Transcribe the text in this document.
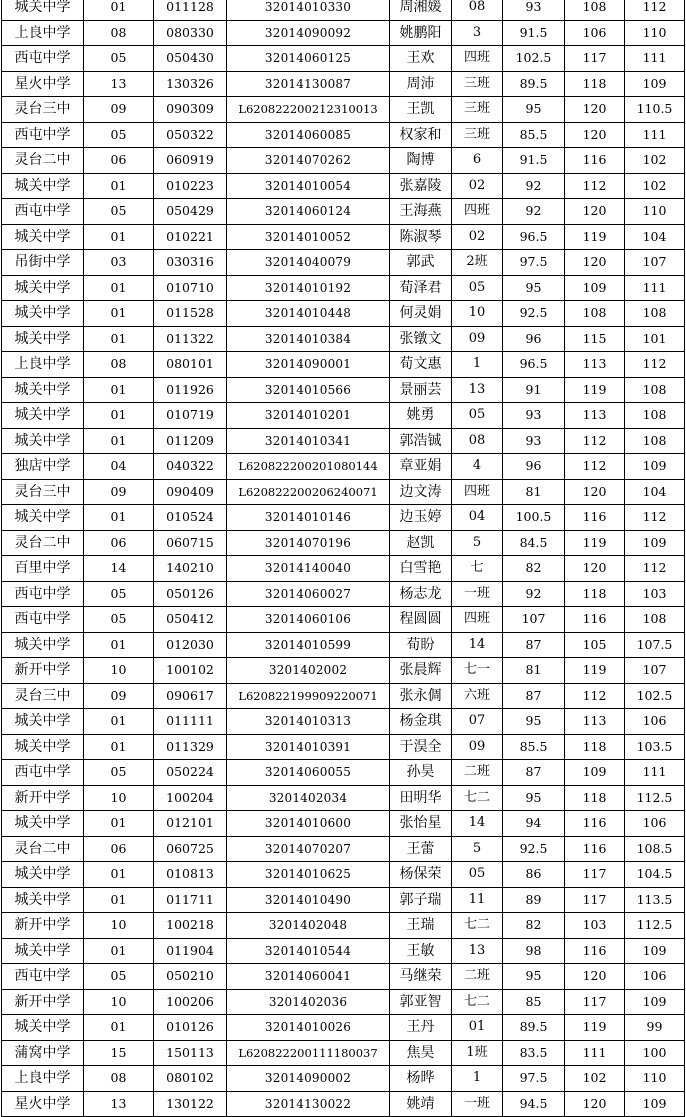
城关中学	01	011128	32014010330	周湘媛	08	93	108	112
上良中学	08	080330	32014090092	姚鹏阳	3	91.5	106	110
西屯中学	05	050430	32014060125	王欢	四班	102.5	117	111
星火中学	13	130326	32014130087	周沛	三班	89.5	118	109
灵台三中	09	090309	L620822200212310013	王凯	三班	95	120	110.5
西屯中学	05	050322	32014060085	权家和	三班	85.5	120	111
灵台二中	06	060919	32014070262	陶博	6	91.5	116	102
城关中学	01	010223	32014010054	张嘉陵	02	92	112	102
西屯中学	05	050429	32014060124	王海燕	四班	92	120	110
城关中学	01	010221	32014010052	陈淑琴	02	96.5	119	104
吊街中学	03	030316	32014040079	郭武	2班	97.5	120	107
城关中学	01	010710	32014010192	荀泽君	05	95	109	111
城关中学	01	011528	32014010448	何灵娟	10	92.5	108	108
城关中学	01	011322	32014010384	张镦文	09	96	115	101
上良中学	08	080101	32014090001	荀文惠	1	96.5	113	112
城关中学	01	011926	32014010566	景丽芸	13	91	119	108
城关中学	01	010719	32014010201	姚勇	05	93	113	108
城关中学	01	011209	32014010341	郭浩铖	08	93	112	108
独店中学	04	040322	L620822200201080144	章亚娟	4	96	112	109
灵台三中	09	090409	L620822200206240071	边文涛	四班	81	120	104
城关中学	01	010524	32014010146	边玉婷	04	100.5	116	112
灵台二中	06	060715	32014070196	赵凯	5	84.5	119	109
百里中学	14	140210	32014140040	白雪艳	七	82	120	112
西屯中学	05	050126	32014060027	杨志龙	一班	92	118	103
西屯中学	05	050412	32014060106	程圆圆	四班	107	116	108
城关中学	01	012030	32014010599	荀盼	14	87	105	107.5
新开中学	10	100102	3201402002	张晨辉	七一	81	119	107
灵台三中	09	090617	L620822199909220071	张永倜	六班	87	112	102.5
城关中学	01	011111	32014010313	杨金琪	07	95	113	106
城关中学	01	011329	32014010391	于淏全	09	85.5	118	103.5
西屯中学	05	050224	32014060055	孙昊	二班	87	109	111
新开中学	10	100204	3201402034	田明华	七二	95	118	112.5
城关中学	01	012101	32014010600	张怡星	14	94	116	106
灵台二中	06	060725	32014070207	王蕾	5	92.5	116	108.5
城关中学	01	010813	32014010625	杨保荣	05	86	117	104.5
城关中学	01	011711	32014010490	郭子瑞	11	89	117	113.5
新开中学	10	100218	3201402048	王瑞	七二	82	103	112.5
城关中学	01	011904	32014010544	王敏	13	98	116	109
西屯中学	05	050210	32014060041	马继荣	二班	95	120	106
新开中学	10	100206	3201402036	郭亚智	七二	85	117	109
城关中学	01	010126	32014010026	王丹	01	89.5	119	99
蒲窝中学	15	150113	L620822200111180037	焦昊	1班	83.5	111	100
上良中学	08	080102	32014090002	杨晔	1	97.5	102	110
星火中学	13	130122	32014130022	姚靖	一班	94.5	120	109
